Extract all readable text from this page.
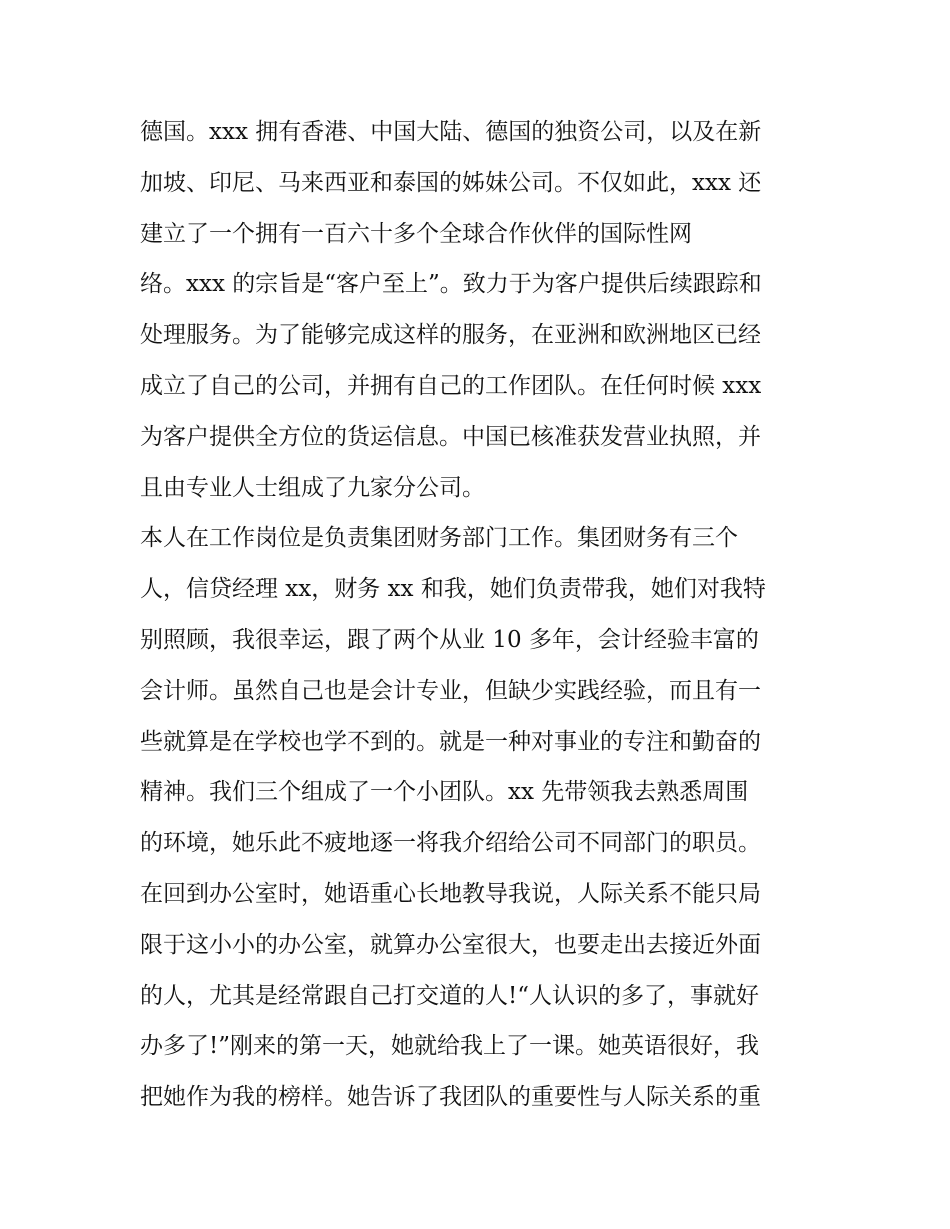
德国。xxx 拥有香港、中国大陆、德国的独资公司，以及在新
加坡、印尼、马来西亚和泰国的姊妹公司。不仅如此，xxx 还
建立了一个拥有一百六十多个全球合作伙伴的国际性网
络。xxx 的宗旨是“客户至上”。致力于为客户提供后续跟踪和
处理服务。为了能够完成这样的服务，在亚洲和欧洲地区已经
成立了自己的公司，并拥有自己的工作团队。在任何时候 xxx
为客户提供全方位的货运信息。中国已核准获发营业执照，并
且由专业人士组成了九家分公司。
本人在工作岗位是负责集团财务部门工作。集团财务有三个
人，信贷经理 xx，财务 xx 和我，她们负责带我，她们对我特
别照顾，我很幸运，跟了两个从业 10 多年，会计经验丰富的
会计师。虽然自己也是会计专业，但缺少实践经验，而且有一
些就算是在学校也学不到的。就是一种对事业的专注和勤奋的
精神。我们三个组成了一个小团队。xx 先带领我去熟悉周围
的环境，她乐此不疲地逐一将我介绍给公司不同部门的职员。
在回到办公室时，她语重心长地教导我说，人际关系不能只局
限于这小小的办公室，就算办公室很大，也要走出去接近外面
的人，尤其是经常跟自己打交道的人!“人认识的多了，事就好
办多了!”刚来的第一天，她就给我上了一课。她英语很好，我
把她作为我的榜样。她告诉了我团队的重要性与人际关系的重
